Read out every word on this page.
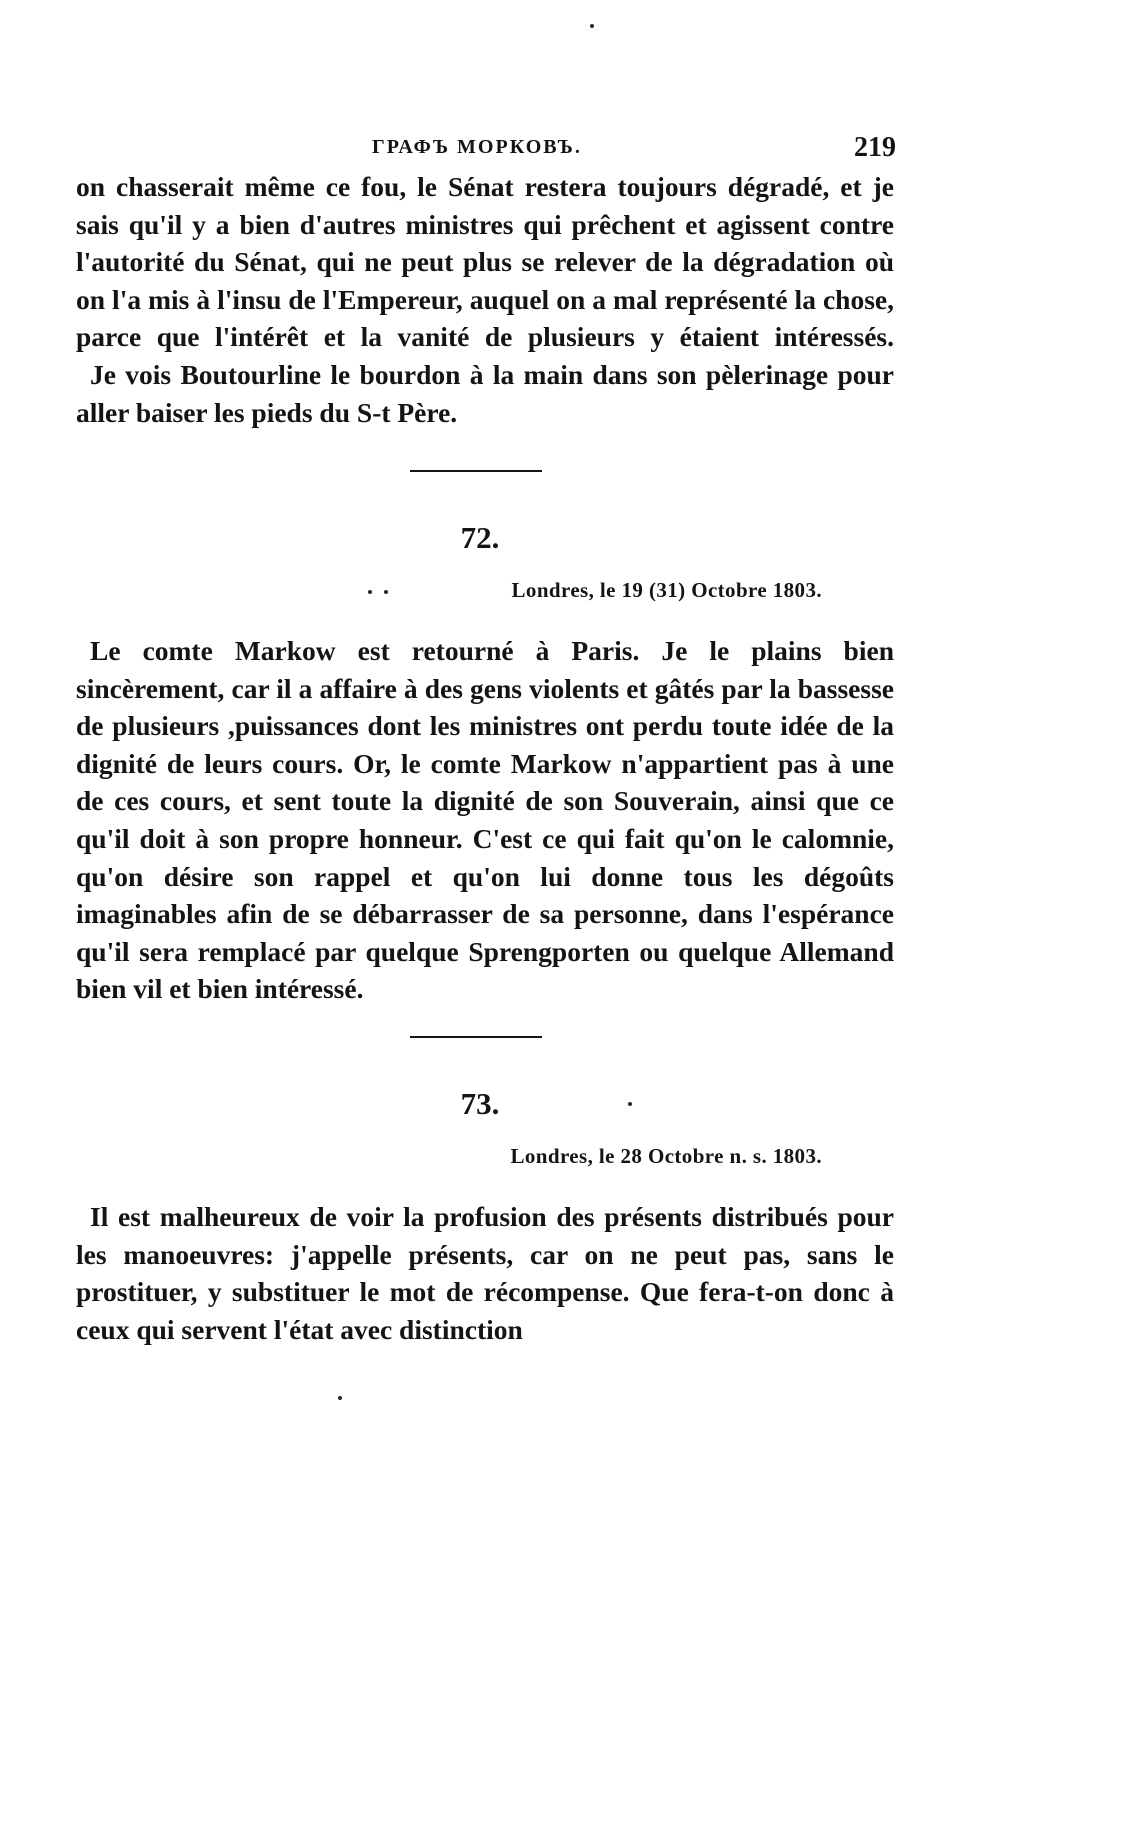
ГРАФЪ МОРКОВЪ.	219

on chasserait même ce fou, le Sénat restera toujours dégradé, et je sais qu'il y a bien d'autres ministres qui prêchent et agissent contre l'autorité du Sénat, qui ne peut plus se relever de la dégradation où on l'a mis à l'insu de l'Empereur, auquel on a mal représenté la chose, parce que l'intérêt et la vanité de plusieurs y étaient intéressés.

Je vois Boutourline le bourdon à la main dans son pèlerinage pour aller baiser les pieds du S-t Père.

72.
Londres, le 19 (31) Octobre 1803.

Le comte Markow est retourné à Paris. Je le plains bien sincèrement, car il a affaire à des gens violents et gâtés par la bassesse de plusieurs ,puissances dont les ministres ont perdu toute idée de la dignité de leurs cours. Or, le comte Markow n'appartient pas à une de ces cours, et sent toute la dignité de son Souverain, ainsi que ce qu'il doit à son propre honneur. C'est ce qui fait qu'on le calomnie, qu'on désire son rappel et qu'on lui donne tous les dégoûts imaginables afin de se débarrasser de sa personne, dans l'espérance qu'il sera remplacé par quelque Sprengporten ou quelque Allemand bien vil et bien intéressé.

73.
Londres, le 28 Octobre n. s. 1803.

Il est malheureux de voir la profusion des présents distribués pour les manoeuvres: j'appelle présents, car on ne peut pas, sans le prostituer, y substituer le mot de récompense. Que fera-t-on donc à ceux qui servent l'état avec distinction
